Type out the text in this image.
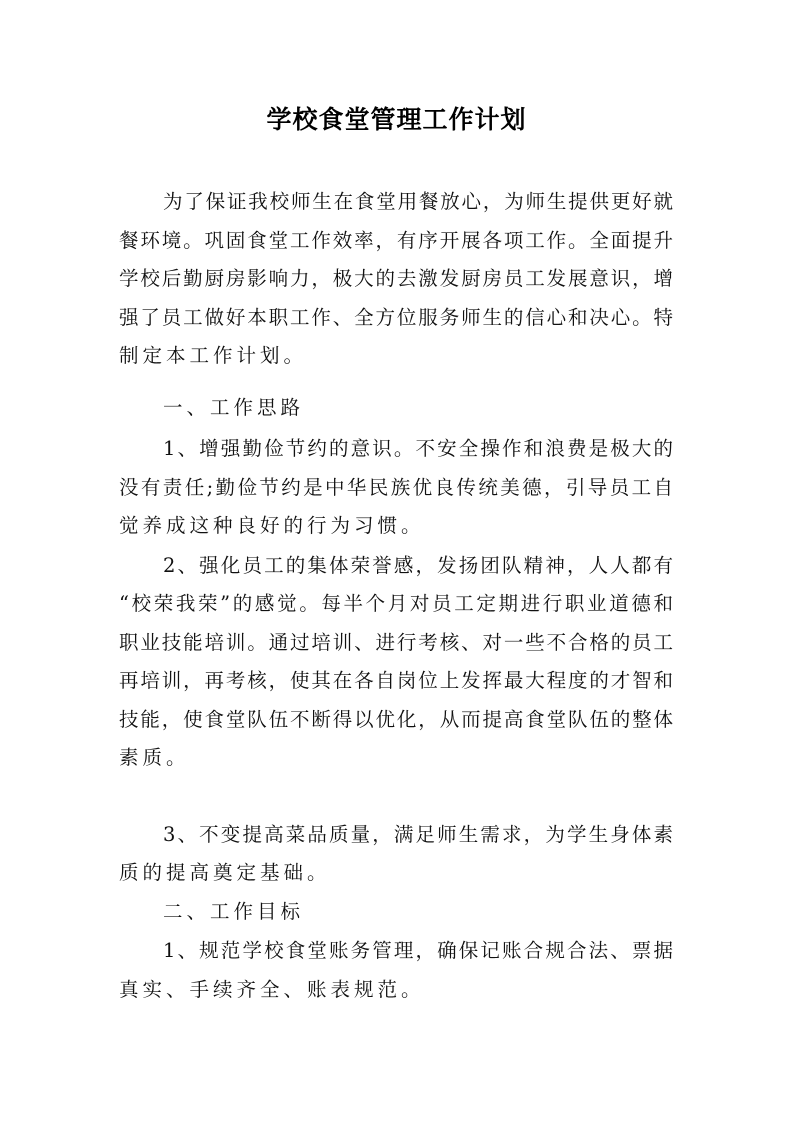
学校食堂管理工作计划
为了保证我校师生在食堂用餐放心，为师生提供更好就
餐环境。巩固食堂工作效率，有序开展各项工作。全面提升
学校后勤厨房影响力，极大的去激发厨房员工发展意识，增
强了员工做好本职工作、全方位服务师生的信心和决心。特
制定本工作计划。
一、工作思路
1、增强勤俭节约的意识。不安全操作和浪费是极大的
没有责任;勤俭节约是中华民族优良传统美德，引导员工自
觉养成这种良好的行为习惯。
2、强化员工的集体荣誉感，发扬团队精神，人人都有
“校荣我荣”的感觉。每半个月对员工定期进行职业道德和
职业技能培训。通过培训、进行考核、对一些不合格的员工
再培训，再考核，使其在各自岗位上发挥最大程度的才智和
技能，使食堂队伍不断得以优化，从而提高食堂队伍的整体
素质。
3、不变提高菜品质量，满足师生需求，为学生身体素
质的提高奠定基础。
二、工作目标
1、规范学校食堂账务管理，确保记账合规合法、票据
真实、手续齐全、账表规范。
